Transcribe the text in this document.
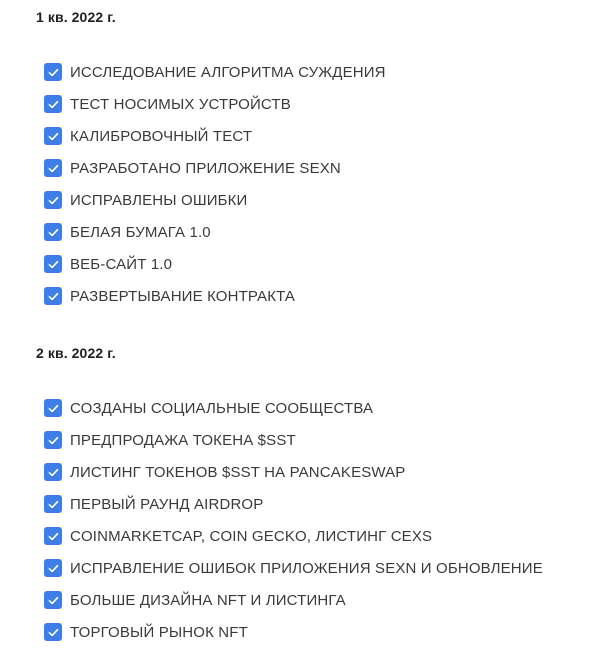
1 кв. 2022 г.
ИССЛЕДОВАНИЕ АЛГОРИТМА СУЖДЕНИЯ
ТЕСТ НОСИМЫХ УСТРОЙСТВ
КАЛИБРОВОЧНЫЙ ТЕСТ
РАЗРАБОТАНО ПРИЛОЖЕНИЕ SEXN
ИСПРАВЛЕНЫ ОШИБКИ
БЕЛАЯ БУМАГА 1.0
ВЕБ-САЙТ 1.0
РАЗВЕРТЫВАНИЕ КОНТРАКТА
2 кв. 2022 г.
СОЗДАНЫ СОЦИАЛЬНЫЕ СООБЩЕСТВА
ПРЕДПРОДАЖА ТОКЕНА $SST
ЛИСТИНГ ТОКЕНОВ $SST НА PANCAKESWAP
ПЕРВЫЙ РАУНД AIRDROP
COINMARKETCAP, COIN GECKO, ЛИСТИНГ CEXS
ИСПРАВЛЕНИЕ ОШИБОК ПРИЛОЖЕНИЯ SEXN И ОБНОВЛЕНИЕ
БОЛЬШЕ ДИЗАЙНА NFT И ЛИСТИНГА
ТОРГОВЫЙ РЫНОК NFT
